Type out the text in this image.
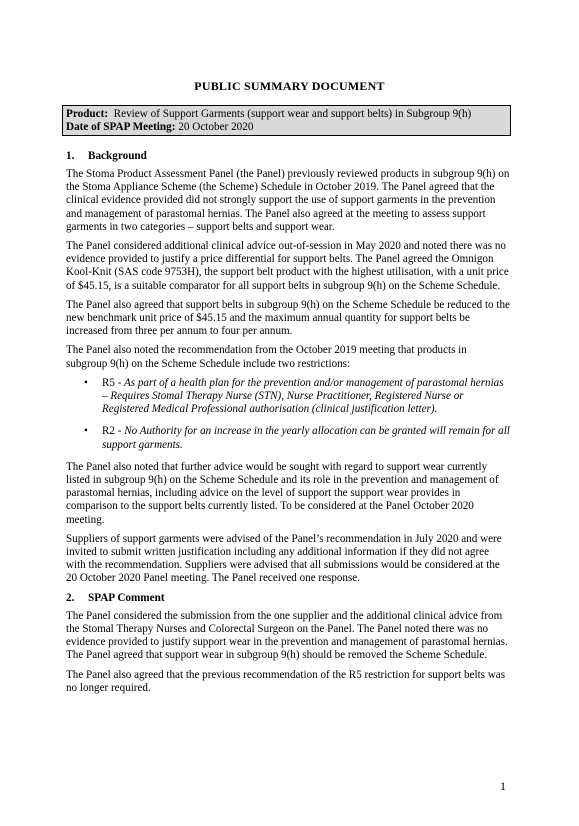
PUBLIC SUMMARY DOCUMENT
Product: Review of Support Garments (support wear and support belts) in Subgroup 9(h)
Date of SPAP Meeting: 20 October 2020
1. Background

The Stoma Product Assessment Panel (the Panel) previously reviewed products in subgroup 9(h) on the Stoma Appliance Scheme (the Scheme) Schedule in October 2019. The Panel agreed that the clinical evidence provided did not strongly support the use of support garments in the prevention and management of parastomal hernias. The Panel also agreed at the meeting to assess support garments in two categories – support belts and support wear.

The Panel considered additional clinical advice out-of-session in May 2020 and noted there was no evidence provided to justify a price differential for support belts. The Panel agreed the Omnigon Kool-Knit (SAS code 9753H), the support belt product with the highest utilisation, with a unit price of $45.15, is a suitable comparator for all support belts in subgroup 9(h) on the Scheme Schedule.

The Panel also agreed that support belts in subgroup 9(h) on the Scheme Schedule be reduced to the new benchmark unit price of $45.15 and the maximum annual quantity for support belts be increased from three per annum to four per annum.

The Panel also noted the recommendation from the October 2019 meeting that products in subgroup 9(h) on the Scheme Schedule include two restrictions:

• R5 - As part of a health plan for the prevention and/or management of parastomal hernias – Requires Stomal Therapy Nurse (STN), Nurse Practitioner, Registered Nurse or Registered Medical Professional authorisation (clinical justification letter).
• R2 - No Authority for an increase in the yearly allocation can be granted will remain for all support garments.

The Panel also noted that further advice would be sought with regard to support wear currently listed in subgroup 9(h) on the Scheme Schedule and its role in the prevention and management of parastomal hernias, including advice on the level of support the support wear provides in comparison to the support belts currently listed. To be considered at the Panel October 2020 meeting.

Suppliers of support garments were advised of the Panel’s recommendation in July 2020 and were invited to submit written justification including any additional information if they did not agree with the recommendation. Suppliers were advised that all submissions would be considered at the 20 October 2020 Panel meeting. The Panel received one response.

2. SPAP Comment

The Panel considered the submission from the one supplier and the additional clinical advice from the Stomal Therapy Nurses and Colorectal Surgeon on the Panel. The Panel noted there was no evidence provided to justify support wear in the prevention and management of parastomal hernias. The Panel agreed that support wear in subgroup 9(h) should be removed the Scheme Schedule.

The Panel also agreed that the previous recommendation of the R5 restriction for support belts was no longer required.

1
